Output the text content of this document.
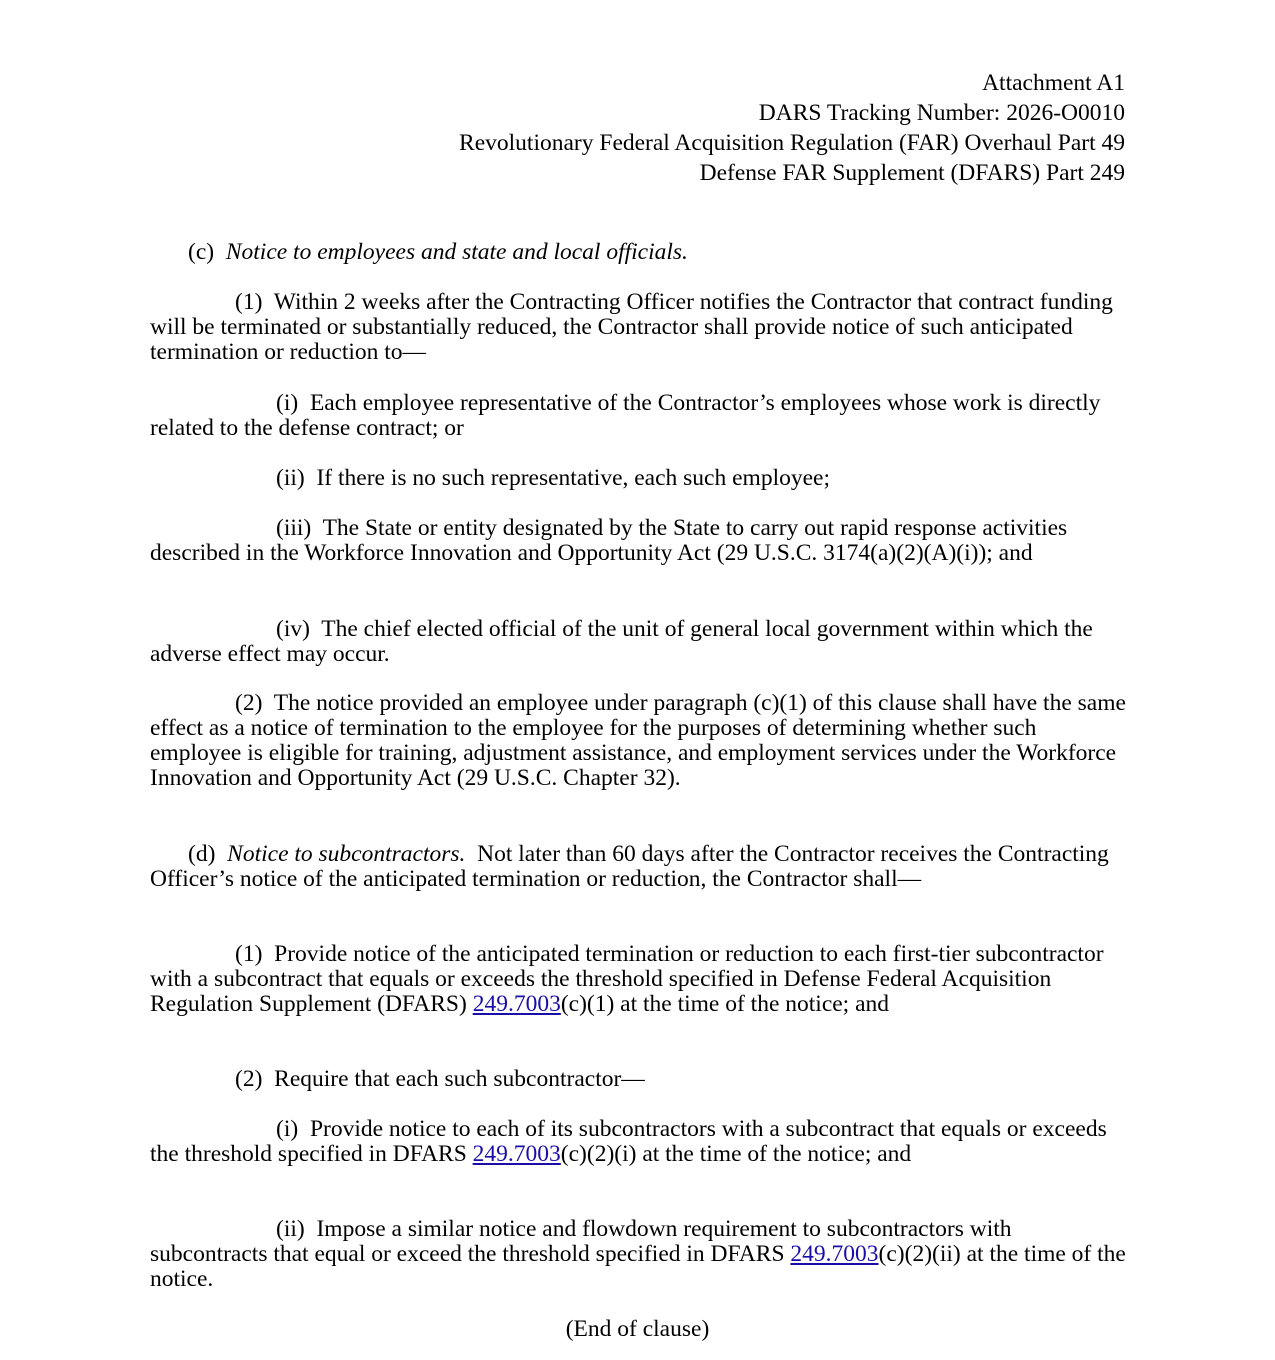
Attachment A1
DARS Tracking Number: 2026-O0010
Revolutionary Federal Acquisition Regulation (FAR) Overhaul Part 49
Defense FAR Supplement (DFARS) Part 249

(c) Notice to employees and state and local officials.

(1) Within 2 weeks after the Contracting Officer notifies the Contractor that contract funding will be terminated or substantially reduced, the Contractor shall provide notice of such anticipated termination or reduction to—

(i) Each employee representative of the Contractor’s employees whose work is directly related to the defense contract; or

(ii) If there is no such representative, each such employee;

(iii) The State or entity designated by the State to carry out rapid response activities described in the Workforce Innovation and Opportunity Act (29 U.S.C. 3174(a)(2)(A)(i)); and

(iv) The chief elected official of the unit of general local government within which the adverse effect may occur.

(2) The notice provided an employee under paragraph (c)(1) of this clause shall have the same effect as a notice of termination to the employee for the purposes of determining whether such employee is eligible for training, adjustment assistance, and employment services under the Workforce Innovation and Opportunity Act (29 U.S.C. Chapter 32).

(d) Notice to subcontractors. Not later than 60 days after the Contractor receives the Contracting Officer’s notice of the anticipated termination or reduction, the Contractor shall—

(1) Provide notice of the anticipated termination or reduction to each first-tier subcontractor with a subcontract that equals or exceeds the threshold specified in Defense Federal Acquisition Regulation Supplement (DFARS) 249.7003(c)(1) at the time of the notice; and

(2) Require that each such subcontractor—

(i) Provide notice to each of its subcontractors with a subcontract that equals or exceeds the threshold specified in DFARS 249.7003(c)(2)(i) at the time of the notice; and

(ii) Impose a similar notice and flowdown requirement to subcontractors with subcontracts that equal or exceed the threshold specified in DFARS 249.7003(c)(2)(ii) at the time of the notice.

(End of clause)
